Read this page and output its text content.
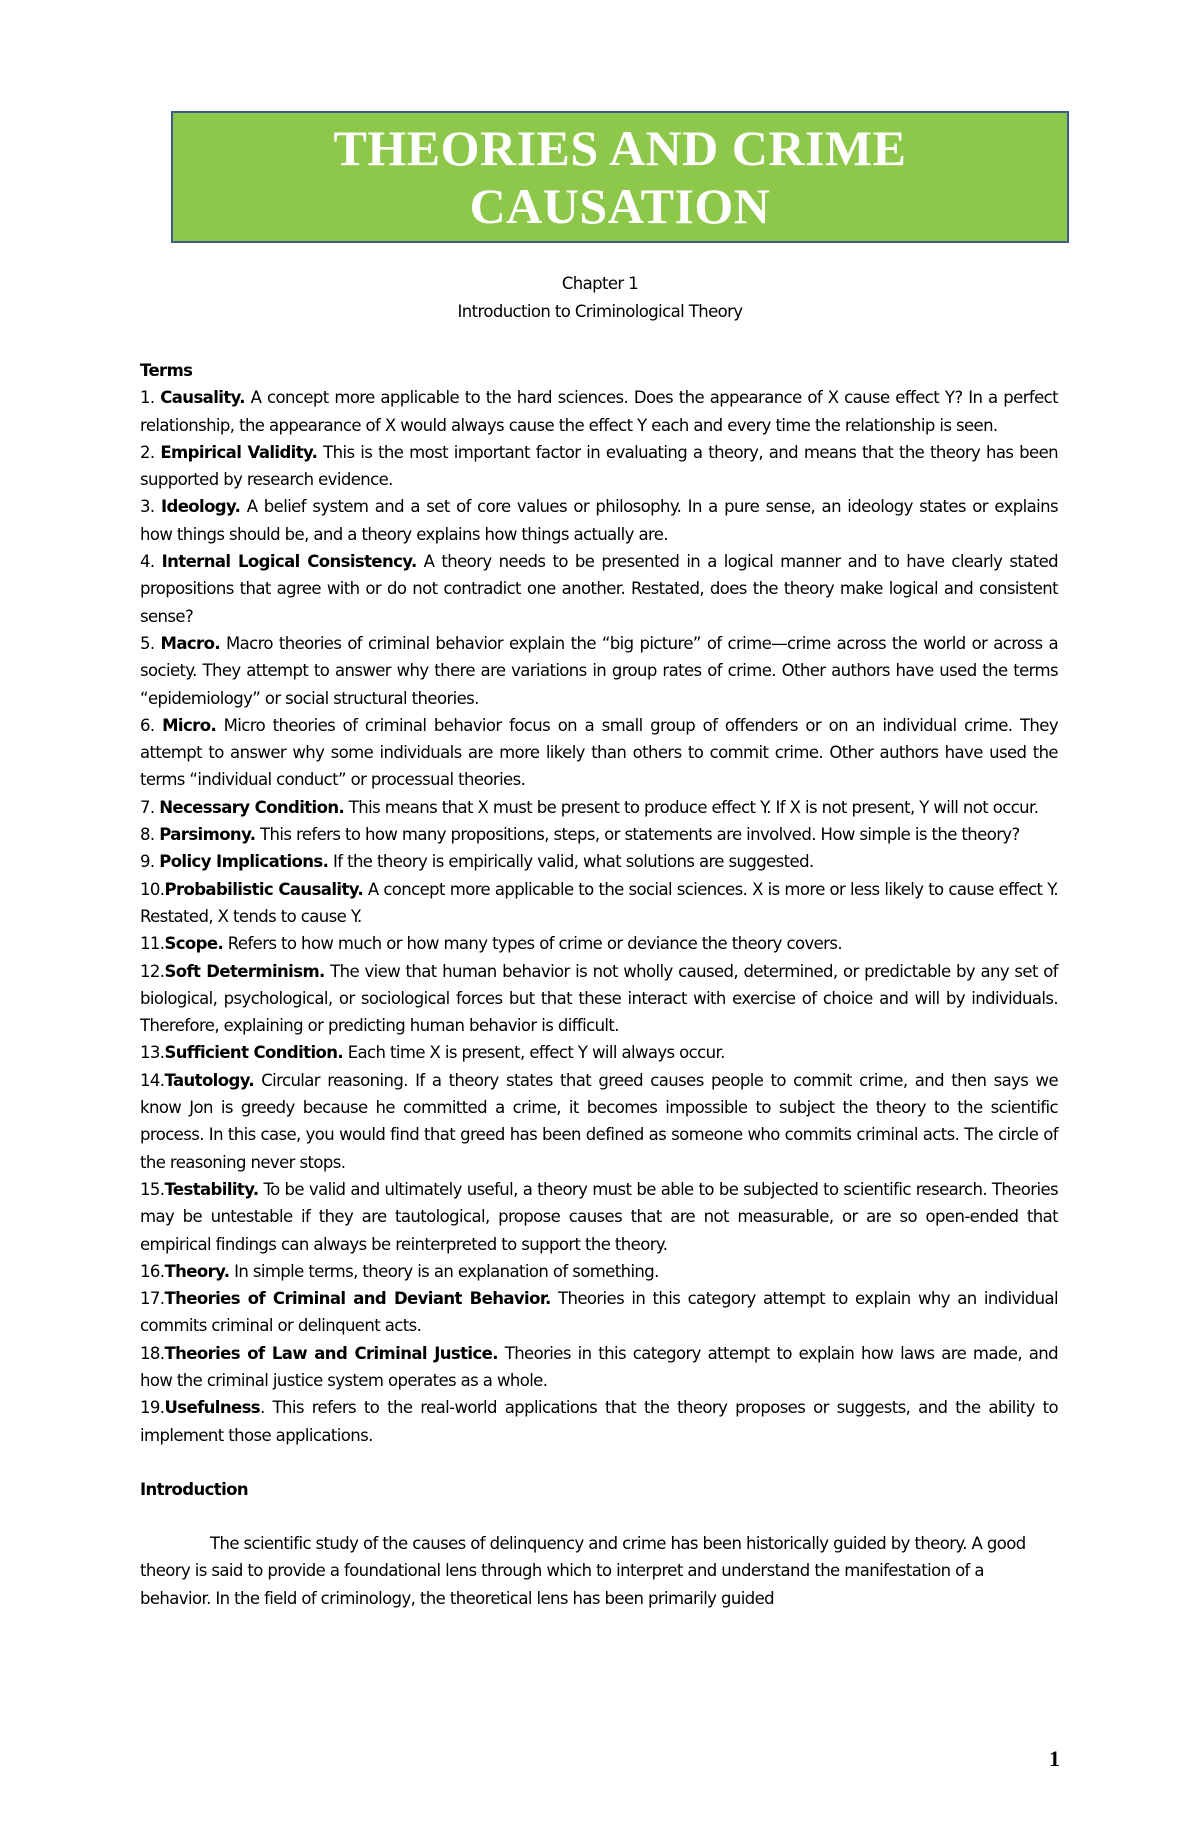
THEORIES AND CRIME
CAUSATION
Chapter 1
Introduction to Criminological Theory
Terms

1. Causality. A concept more applicable to the hard sciences. Does the appearance of X cause effect Y? In a perfect relationship, the appearance of X would always cause the effect Y each and every time the relationship is seen.

2. Empirical Validity. This is the most important factor in evaluating a theory, and means that the theory has been supported by research evidence.

3. Ideology. A belief system and a set of core values or philosophy. In a pure sense, an ideology states or explains how things should be, and a theory explains how things actually are.

4. Internal Logical Consistency. A theory needs to be presented in a logical manner and to have clearly stated propositions that agree with or do not contradict one another. Restated, does the theory make logical and consistent sense?

5. Macro. Macro theories of criminal behavior explain the “big picture” of crime—crime across the world or across a society. They attempt to answer why there are variations in group rates of crime. Other authors have used the terms “epidemiology” or social structural theories.

6. Micro. Micro theories of criminal behavior focus on a small group of offenders or on an individual crime. They attempt to answer why some individuals are more likely than others to commit crime. Other authors have used the terms “individual conduct” or processual theories.

7. Necessary Condition. This means that X must be present to produce effect Y. If X is not present, Y will not occur.

8. Parsimony. This refers to how many propositions, steps, or statements are involved. How simple is the theory?

9. Policy Implications. If the theory is empirically valid, what solutions are suggested.

10.Probabilistic Causality. A concept more applicable to the social sciences. X is more or less likely to cause effect Y. Restated, X tends to cause Y.

11.Scope. Refers to how much or how many types of crime or deviance the theory covers.

12.Soft Determinism. The view that human behavior is not wholly caused, determined, or predictable by any set of biological, psychological, or sociological forces but that these interact with exercise of choice and will by individuals. Therefore, explaining or predicting human behavior is difficult.

13.Sufficient Condition. Each time X is present, effect Y will always occur.

14.Tautology. Circular reasoning. If a theory states that greed causes people to commit crime, and then says we know Jon is greedy because he committed a crime, it becomes impossible to subject the theory to the scientific process. In this case, you would find that greed has been defined as someone who commits criminal acts. The circle of the reasoning never stops.

15.Testability. To be valid and ultimately useful, a theory must be able to be subjected to scientific research. Theories may be untestable if they are tautological, propose causes that are not measurable, or are so open-ended that empirical findings can always be reinterpreted to support the theory.

16.Theory. In simple terms, theory is an explanation of something.

17.Theories of Criminal and Deviant Behavior. Theories in this category attempt to explain why an individual commits criminal or delinquent acts.

18.Theories of Law and Criminal Justice. Theories in this category attempt to explain how laws are made, and how the criminal justice system operates as a whole.

19.Usefulness. This refers to the real-world applications that the theory proposes or suggests, and the ability to implement those applications.

Introduction

The scientific study of the causes of delinquency and crime has been historically guided by theory. A good theory is said to provide a foundational lens through which to interpret and understand the manifestation of a behavior. In the field of criminology, the theoretical lens has been primarily guided

1
